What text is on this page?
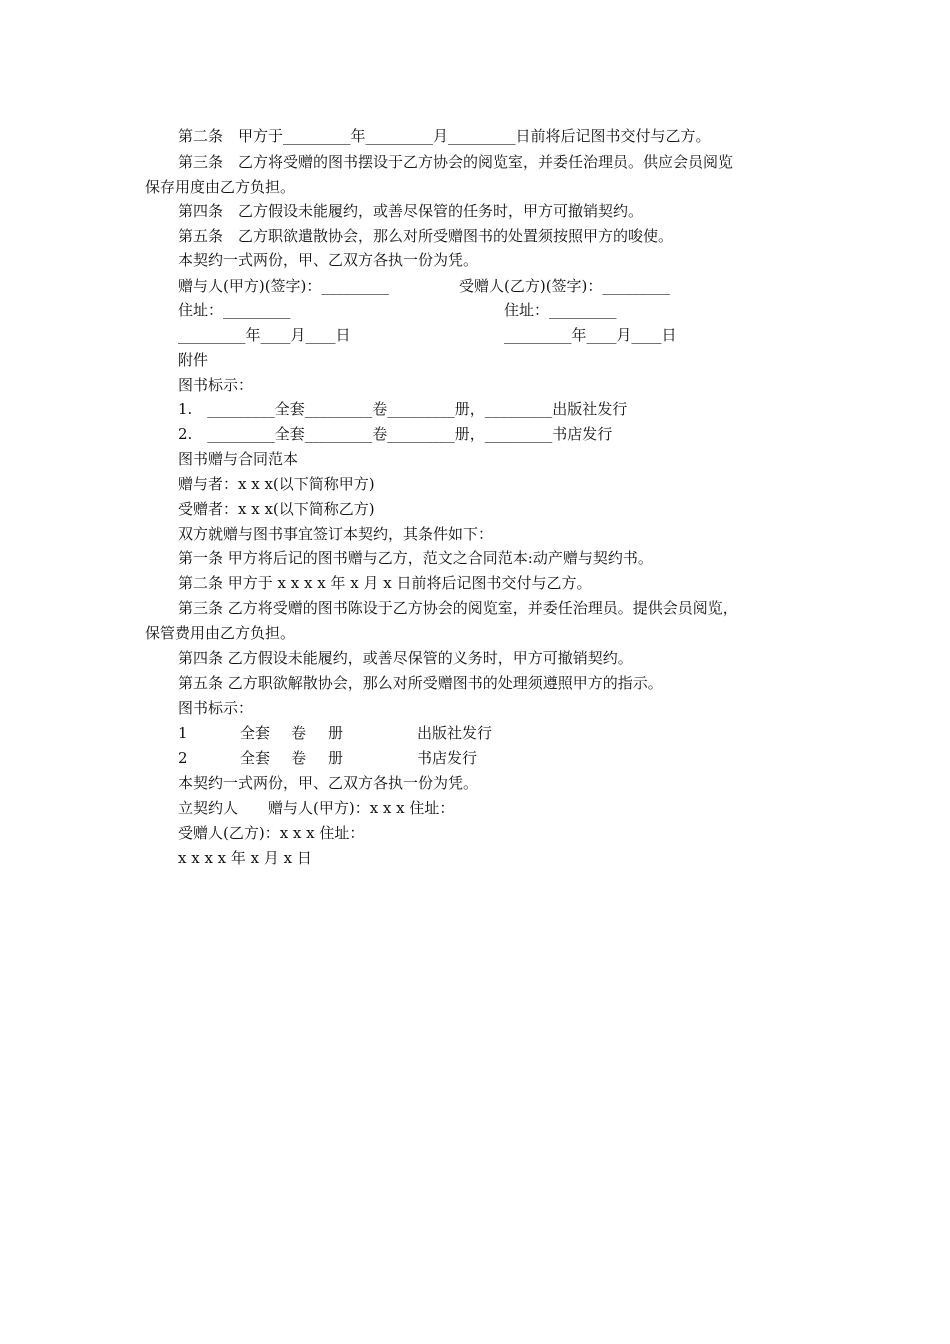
第二条　甲方于_________年_________月_________日前将后记图书交付与乙方。
第三条　乙方将受赠的图书摆设于乙方协会的阅览室，并委任治理员。供应会员阅览
保存用度由乙方负担。
第四条　乙方假设未能履约，或善尽保管的任务时，甲方可撤销契约。
第五条　乙方职欲遣散协会，那么对所受赠图书的处置须按照甲方的唆使。
本契约一式两份，甲、乙双方各执一份为凭。
赠与人(甲方)(签字)：_________	受赠人(乙方)(签字)：_________
住址：_________	住址：_________
_________年____月____日	_________年____月____日
附件
图书标示：
1.　_________全套_________卷_________册，_________出版社发行
2.　_________全套_________卷_________册，_________书店发行
图书赠与合同范本
赠与者：x x x(以下简称甲方)
受赠者：x x x(以下简称乙方)
双方就赠与图书事宜签订本契约，其条件如下：
第一条 甲方将后记的图书赠与乙方，范文之合同范本:动产赠与契约书。
第二条 甲方于 x x x x 年 x 月 x 日前将后记图书交付与乙方。
第三条 乙方将受赠的图书陈设于乙方协会的阅览室，并委任治理员。提供会员阅览，
保管费用由乙方负担。
第四条 乙方假设未能履约，或善尽保管的义务时，甲方可撤销契约。
第五条 乙方职欲解散协会，那么对所受赠图书的处理须遵照甲方的指示。
图书标示：
1	全套 卷 册	出版社发行
2	全套 卷 册	书店发行
本契约一式两份，甲、乙双方各执一份为凭。
立契约人　　赠与人(甲方)：x x x 住址：
受赠人(乙方)：x x x 住址：
x x x x 年 x 月 x 日
